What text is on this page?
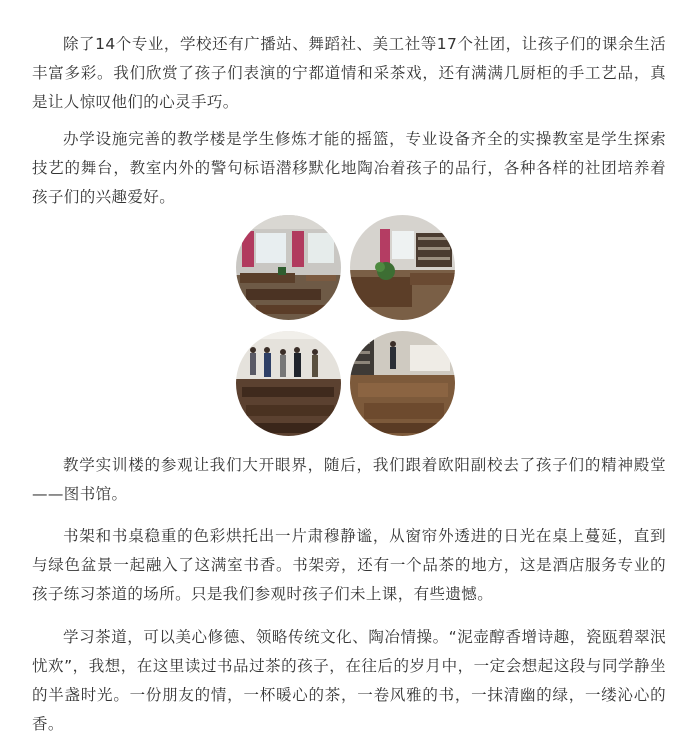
除了14个专业，学校还有广播站、舞蹈社、美工社等17个社团，让孩子们的课余生活丰富多彩。我们欣赏了孩子们表演的宁都道情和采茶戏，还有满满几厨柜的手工艺品，真是让人惊叹他们的心灵手巧。

办学设施完善的教学楼是学生修炼才能的摇篮，专业设备齐全的实操教室是学生探索技艺的舞台，教室内外的警句标语潜移默化地陶冶着孩子的品行，各种各样的社团培养着孩子们的兴趣爱好。

教学实训楼的参观让我们大开眼界，随后，我们跟着欧阳副校去了孩子们的精神殿堂——图书馆。

书架和书桌稳重的色彩烘托出一片肃穆静谧，从窗帘外透进的日光在桌上蔓延，直到与绿色盆景一起融入了这满室书香。书架旁，还有一个品茶的地方，这是酒店服务专业的孩子练习茶道的场所。只是我们参观时孩子们未上课，有些遗憾。

学习茶道，可以美心修德、领略传统文化、陶冶情操。“泥壶醇香增诗趣，瓷瓯碧翠泯忧欢”，我想，在这里读过书品过茶的孩子，在往后的岁月中，一定会想起这段与同学静坐的半盏时光。一份朋友的情，一杯暖心的茶，一卷风雅的书，一抹清幽的绿，一缕沁心的香。
